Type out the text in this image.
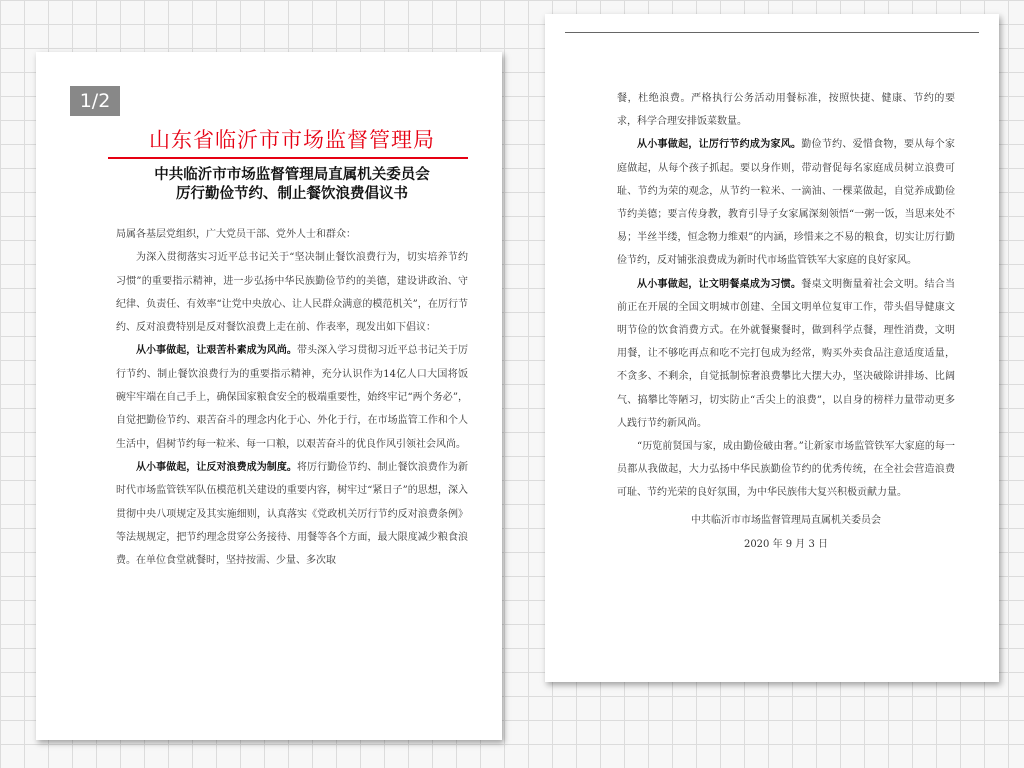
1/2
山东省临沂市市场监督管理局
中共临沂市市场监督管理局直属机关委员会
厉行勤俭节约、制止餐饮浪费倡议书

局属各基层党组织，广大党员干部、党外人士和群众：

为深入贯彻落实习近平总书记关于“坚决制止餐饮浪费行为，切实培养节约习惯”的重要指示精神，进一步弘扬中华民族勤俭节约的美德，建设讲政治、守纪律、负责任、有效率“让党中央放心、让人民群众满意的模范机关”，在厉行节约、反对浪费特别是反对餐饮浪费上走在前、作表率，现发出如下倡议：

从小事做起，让艰苦朴素成为风尚。带头深入学习贯彻习近平总书记关于厉行节约、制止餐饮浪费行为的重要指示精神，充分认识作为14亿人口大国将饭碗牢牢端在自己手上，确保国家粮食安全的极端重要性，始终牢记“两个务必”，自觉把勤俭节约、艰苦奋斗的理念内化于心、外化于行，在市场监管工作和个人生活中，倡树节约每一粒米、每一口粮，以艰苦奋斗的优良作风引领社会风尚。

从小事做起，让反对浪费成为制度。将厉行勤俭节约、制止餐饮浪费作为新时代市场监管铁军队伍模范机关建设的重要内容，树牢过“紧日子”的思想，深入贯彻中央八项规定及其实施细则，认真落实《党政机关厉行节约反对浪费条例》等法规规定，把节约理念贯穿公务接待、用餐等各个方面，最大限度减少粮食浪费。在单位食堂就餐时，坚持按需、少量、多次取

餐，杜绝浪费。严格执行公务活动用餐标准，按照快捷、健康、节约的要求，科学合理安排饭菜数量。

从小事做起，让厉行节约成为家风。勤俭节约、爱惜食物，要从每个家庭做起，从每个孩子抓起。要以身作则，带动督促每名家庭成员树立浪费可耻、节约为荣的观念，从节约一粒米、一滴油、一棵菜做起，自觉养成勤俭节约美德；要言传身教，教育引导子女家属深刻领悟“一粥一饭，当思来处不易；半丝半缕，恒念物力维艰”的内涵，珍惜来之不易的粮食，切实让厉行勤俭节约，反对铺张浪费成为新时代市场监管铁军大家庭的良好家风。

从小事做起，让文明餐桌成为习惯。餐桌文明衡量着社会文明。结合当前正在开展的全国文明城市创建、全国文明单位复审工作，带头倡导健康文明节俭的饮食消费方式。在外就餐聚餐时，做到科学点餐，理性消费，文明用餐，让不够吃再点和吃不完打包成为经常，购买外卖食品注意适度适量，不贪多、不剩余，自觉抵制惊奢浪费攀比大摆大办，坚决破除讲排场、比阔气、搞攀比等陋习，切实防止“舌尖上的浪费”，以自身的榜样力量带动更多人践行节约新风尚。

“历览前贤国与家，成由勤俭破由奢。”让新家市场监管铁军大家庭的每一员都从我做起，大力弘扬中华民族勤俭节约的优秀传统，在全社会营造浪费可耻、节约光荣的良好氛围，为中华民族伟大复兴积极贡献力量。

中共临沂市市场监督管理局直属机关委员会
2020 年 9 月 3 日
